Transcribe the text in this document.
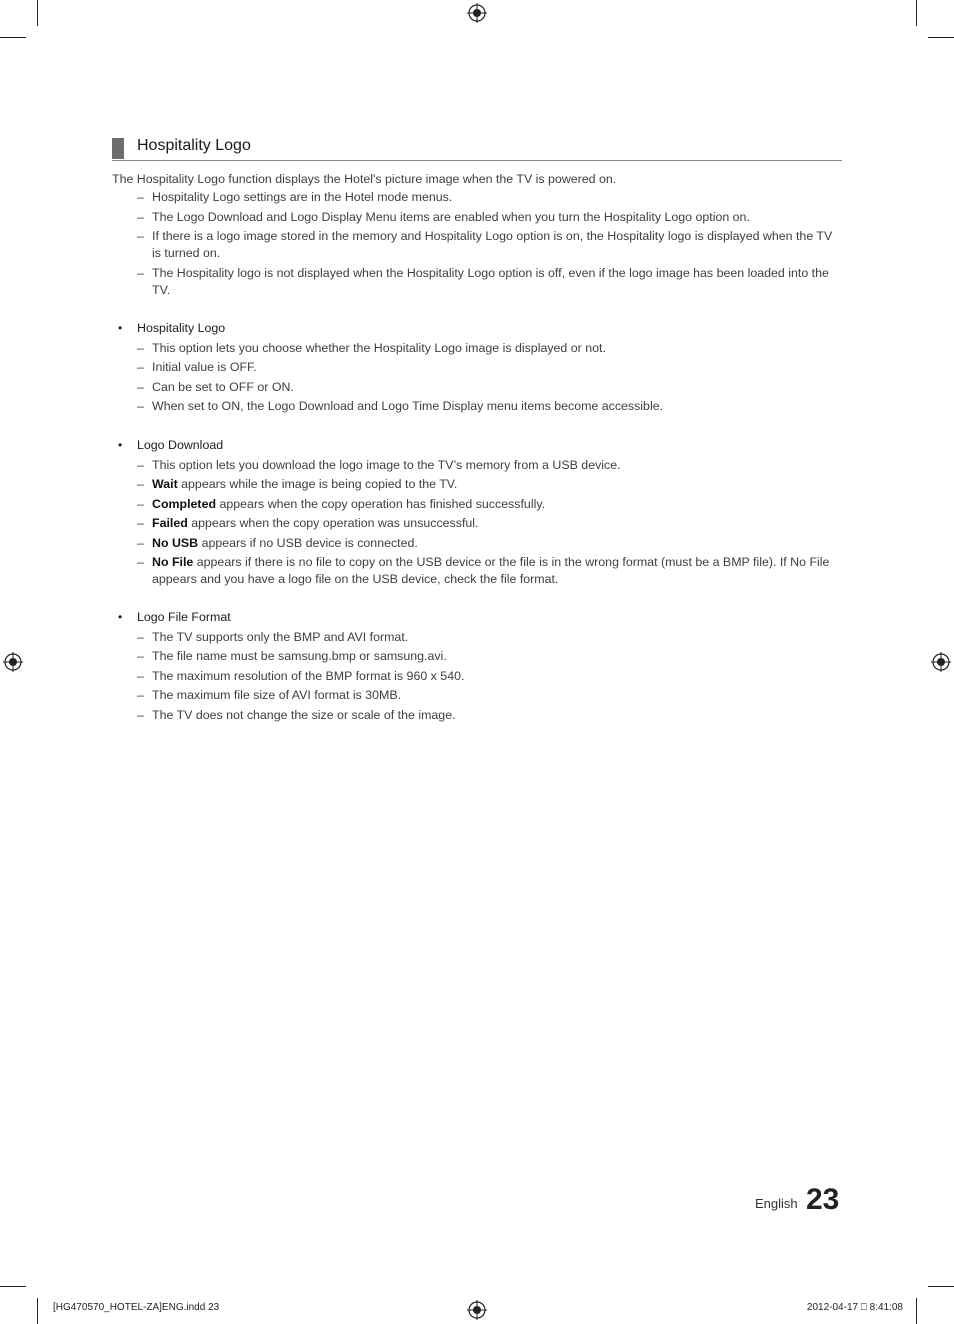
Hospitality Logo
The Hospitality Logo function displays the Hotel's picture image when the TV is powered on.
– Hospitality Logo settings are in the Hotel mode menus.
– The Logo Download and Logo Display Menu items are enabled when you turn the Hospitality Logo option on.
– If there is a logo image stored in the memory and Hospitality Logo option is on, the Hospitality logo is displayed when the TV is turned on.
– The Hospitality logo is not displayed when the Hospitality Logo option is off, even if the logo image has been loaded into the TV.
• Hospitality Logo
– This option lets you choose whether the Hospitality Logo image is displayed or not.
– Initial value is OFF.
– Can be set to OFF or ON.
– When set to ON, the Logo Download and Logo Time Display menu items become accessible.
• Logo Download
– This option lets you download the logo image to the TV’s memory from a USB device.
– Wait appears while the image is being copied to the TV.
– Completed appears when the copy operation has finished successfully.
– Failed appears when the copy operation was unsuccessful.
– No USB appears if no USB device is connected.
– No File appears if there is no file to copy on the USB device or the file is in the wrong format (must be a BMP file). If No File appears and you have a logo file on the USB device, check the file format.
• Logo File Format
– The TV supports only the BMP and AVI format.
– The file name must be samsung.bmp or samsung.avi.
– The maximum resolution of the BMP format is 960 x 540.
– The maximum file size of AVI format is 30MB.
– The TV does not change the size or scale of the image.
English 23
[HG470570_HOTEL-ZA]ENG.indd 23	2012-04-17 ⎕ 8:41:08
